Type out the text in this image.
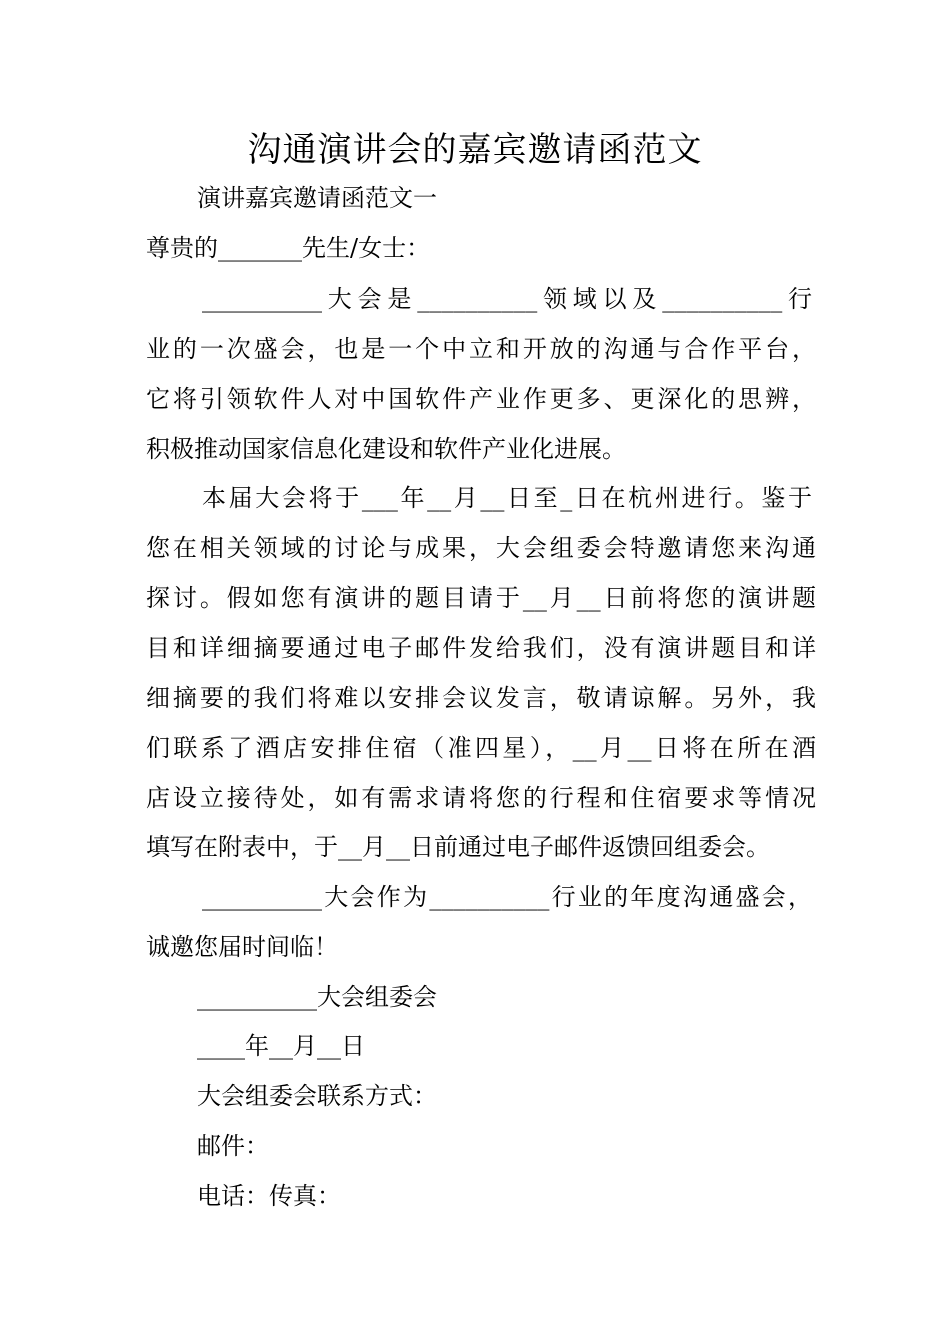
沟通演讲会的嘉宾邀请函范文
演讲嘉宾邀请函范文一
尊贵的_______先生/女士：
__________大会是__________领域以及__________行
业的一次盛会，也是一个中立和开放的沟通与合作平台，
它将引领软件人对中国软件产业作更多、更深化的思辨，
积极推动国家信息化建设和软件产业化进展。
本届大会将于___年__月__日至_日在杭州进行。鉴于
您在相关领域的讨论与成果，大会组委会特邀请您来沟通
探讨。假如您有演讲的题目请于__月__日前将您的演讲题
目和详细摘要通过电子邮件发给我们，没有演讲题目和详
细摘要的我们将难以安排会议发言，敬请谅解。另外，我
们联系了酒店安排住宿（准四星），__月__日将在所在酒
店设立接待处，如有需求请将您的行程和住宿要求等情况
填写在附表中，于__月__日前通过电子邮件返馈回组委会。
__________大会作为__________行业的年度沟通盛会，
诚邀您届时间临！
__________大会组委会
____年__月__日
大会组委会联系方式：
邮件：
电话：传真：
